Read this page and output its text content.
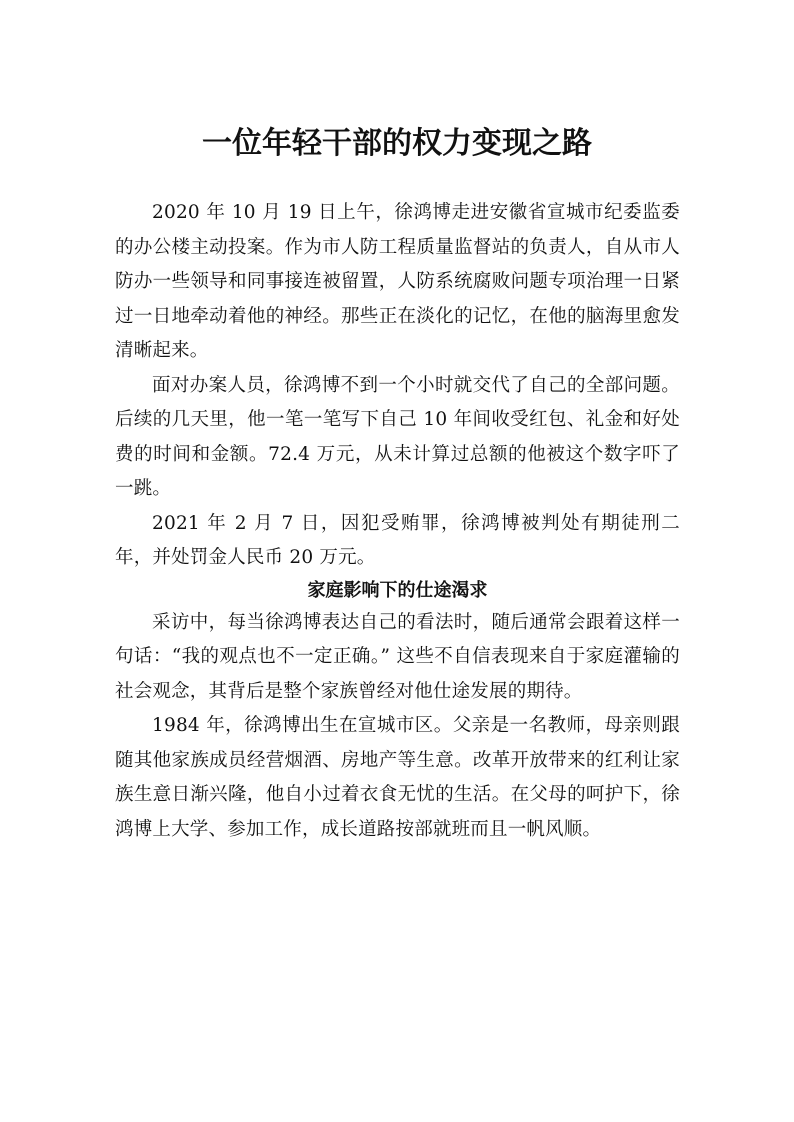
一位年轻干部的权力变现之路

2020 年 10 月 19 日上午，徐鸿博走进安徽省宣城市纪委监委的办公楼主动投案。作为市人防工程质量监督站的负责人，自从市人防办一些领导和同事接连被留置，人防系统腐败问题专项治理一日紧过一日地牵动着他的神经。那些正在淡化的记忆，在他的脑海里愈发清晰起来。

面对办案人员，徐鸿博不到一个小时就交代了自己的全部问题。后续的几天里，他一笔一笔写下自己 10 年间收受红包、礼金和好处费的时间和金额。72.4 万元，从未计算过总额的他被这个数字吓了一跳。

2021 年 2 月 7 日，因犯受贿罪，徐鸿博被判处有期徒刑二年，并处罚金人民币 20 万元。

家庭影响下的仕途渴求

采访中，每当徐鸿博表达自己的看法时，随后通常会跟着这样一句话：“我的观点也不一定正确。” 这些不自信表现来自于家庭灌输的社会观念，其背后是整个家族曾经对他仕途发展的期待。

1984 年，徐鸿博出生在宣城市区。父亲是一名教师，母亲则跟随其他家族成员经营烟酒、房地产等生意。改革开放带来的红利让家族生意日渐兴隆，他自小过着衣食无忧的生活。在父母的呵护下，徐鸿博上大学、参加工作，成长道路按部就班而且一帆风顺。
